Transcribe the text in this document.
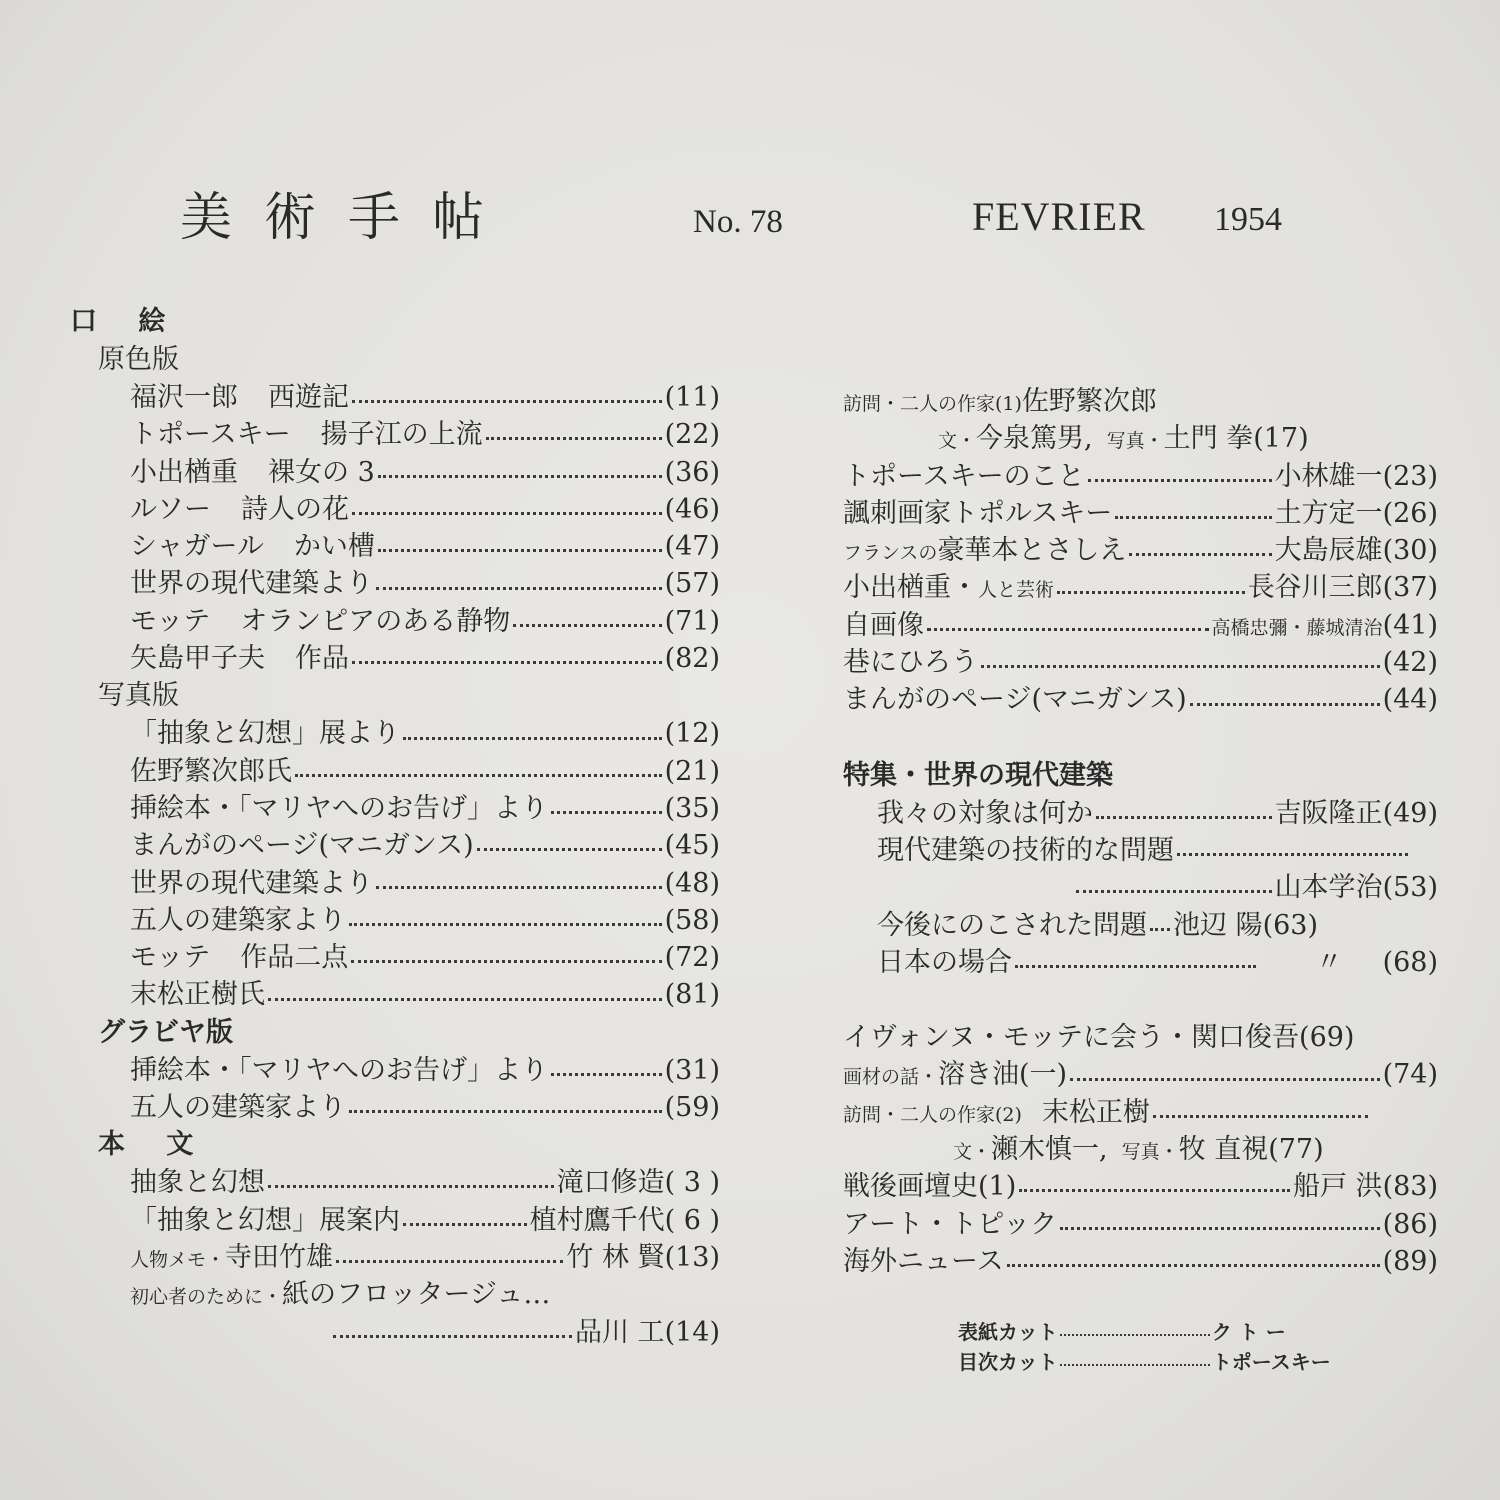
美術手帖	No. 78	FEVRIER 1954
口 絵
原色版
福沢一郎 西遊記	(11)
トポースキー 揚子江の上流	(22)
小出楢重 裸女の 3	(36)
ルソー 詩人の花	(46)
シャガール かい槽	(47)
世界の現代建築より	(57)
モッテ オランピアのある静物	(71)
矢島甲子夫 作品	(82)
写真版
「抽象と幻想」展より	(12)
佐野繁次郎氏	(21)
挿絵本・「マリヤへのお告げ」より	(35)
まんがのページ(マニガンス)	(45)
世界の現代建築より	(48)
五人の建築家より	(58)
モッテ 作品二点	(72)
末松正樹氏	(81)
グラビヤ版
挿絵本・「マリヤへのお告げ」より	(31)
五人の建築家より	(59)
本 文
抽象と幻想	滝口修造 ( 3 )
「抽象と幻想」展案内	植村鷹千代 ( 6 )
人物メモ・ 寺田竹雄	竹 林 賢 (13)
初心者のために・ 紙のフロッタージュ…
品川 工 (14)
訪問・二人の作家(1) 佐野繁次郎
文・ 今泉篤男, 写真・ 土門 拳 (17)
トポースキーのこと	小林雄一 (23)
諷刺画家トポルスキー	土方定一 (26)
フランスの 豪華本とさしえ	大島辰雄 (30)
小出楢重・ 人と芸術	長谷川三郎 (37)
自画像	高橋忠彌・藤城清治 (41)
巷にひろう	(42)
まんがのページ(マニガンス)	(44)
特集・世界の現代建築
我々の対象は何か	吉阪隆正 (49)
現代建築の技術的な問題
山本学治 (53)
今後にのこされた問題 池辺 陽 (63)
日本の場合	〃 (68)
イヴォンヌ・モッテに会う・ 関口俊吾 (69)
画材の話・ 溶き油(一)	(74)
訪問・二人の作家(2) 末松正樹
文・ 瀬木慎一, 写真・ 牧 直視 (77)
戦後画壇史(1)	船戸 洪 (83)
アート・トピック	(86)
海外ニュース	(89)
表紙カット	ク ト ー
目次カット	トポースキー
